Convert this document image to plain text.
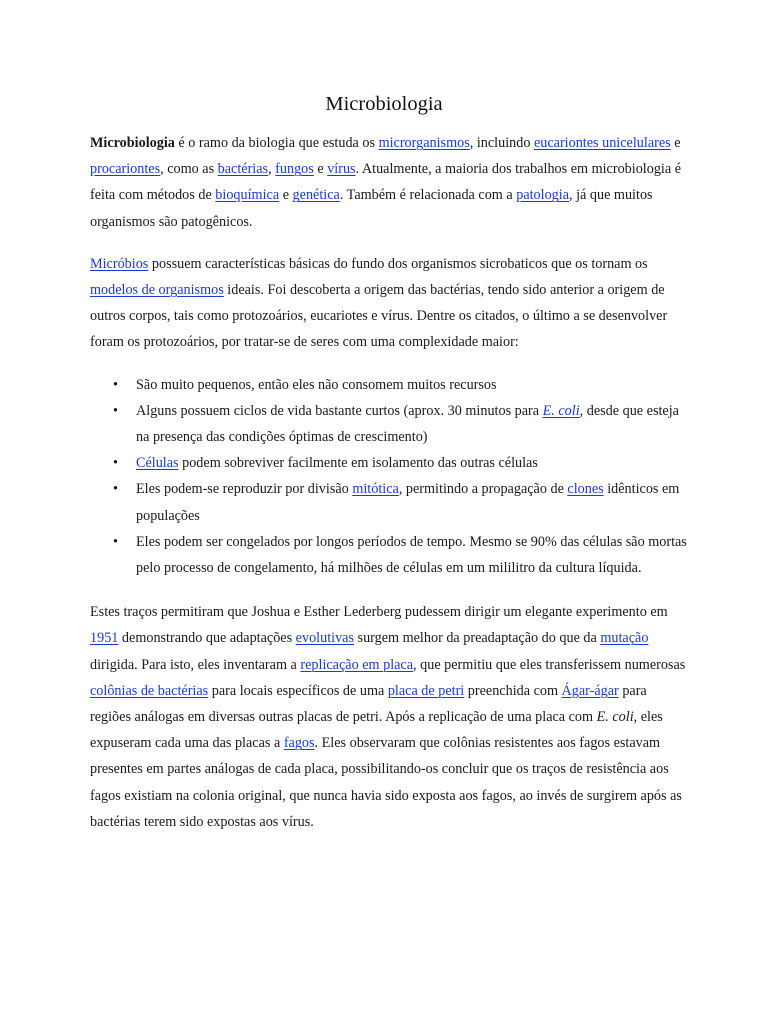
Microbiologia

Microbiologia é o ramo da biologia que estuda os microrganismos, incluindo eucariontes unicelulares e procariontes, como as bactérias, fungos e vírus. Atualmente, a maioria dos trabalhos em microbiologia é feita com métodos de bioquímica e genética. Também é relacionada com a patologia, já que muitos organismos são patogênicos.

Micróbios possuem características básicas do fundo dos organismos sicrobaticos que os tornam os modelos de organismos ideais. Foi descoberta a origem das bactérias, tendo sido anterior a origem de outros corpos, tais como protozoários, eucariotes e vírus. Dentre os citados, o último a se desenvolver foram os protozoários, por tratar-se de seres com uma complexidade maior:

• São muito pequenos, então eles não consomem muitos recursos
• Alguns possuem ciclos de vida bastante curtos (aprox. 30 minutos para E. coli, desde que esteja na presença das condições óptimas de crescimento)
• Células podem sobreviver facilmente em isolamento das outras células
• Eles podem-se reproduzir por divisão mitótica, permitindo a propagação de clones idênticos em populações
• Eles podem ser congelados por longos períodos de tempo. Mesmo se 90% das células são mortas pelo processo de congelamento, há milhões de células em um mililitro da cultura líquida.

Estes traços permitiram que Joshua e Esther Lederberg pudessem dirigir um elegante experimento em 1951 demonstrando que adaptações evolutivas surgem melhor da preadaptação do que da mutação dirigida. Para isto, eles inventaram a replicação em placa, que permitiu que eles transferissem numerosas colônias de bactérias para locais específicos de uma placa de petri preenchida com Ágar-ágar para regiões análogas em diversas outras placas de petri. Após a replicação de uma placa com E. coli, eles expuseram cada uma das placas a fagos. Eles observaram que colônias resistentes aos fagos estavam presentes em partes análogas de cada placa, possibilitando-os concluir que os traços de resistência aos fagos existiam na colonia original, que nunca havia sido exposta aos fagos, ao invés de surgirem após as bactérias terem sido expostas aos vírus.
